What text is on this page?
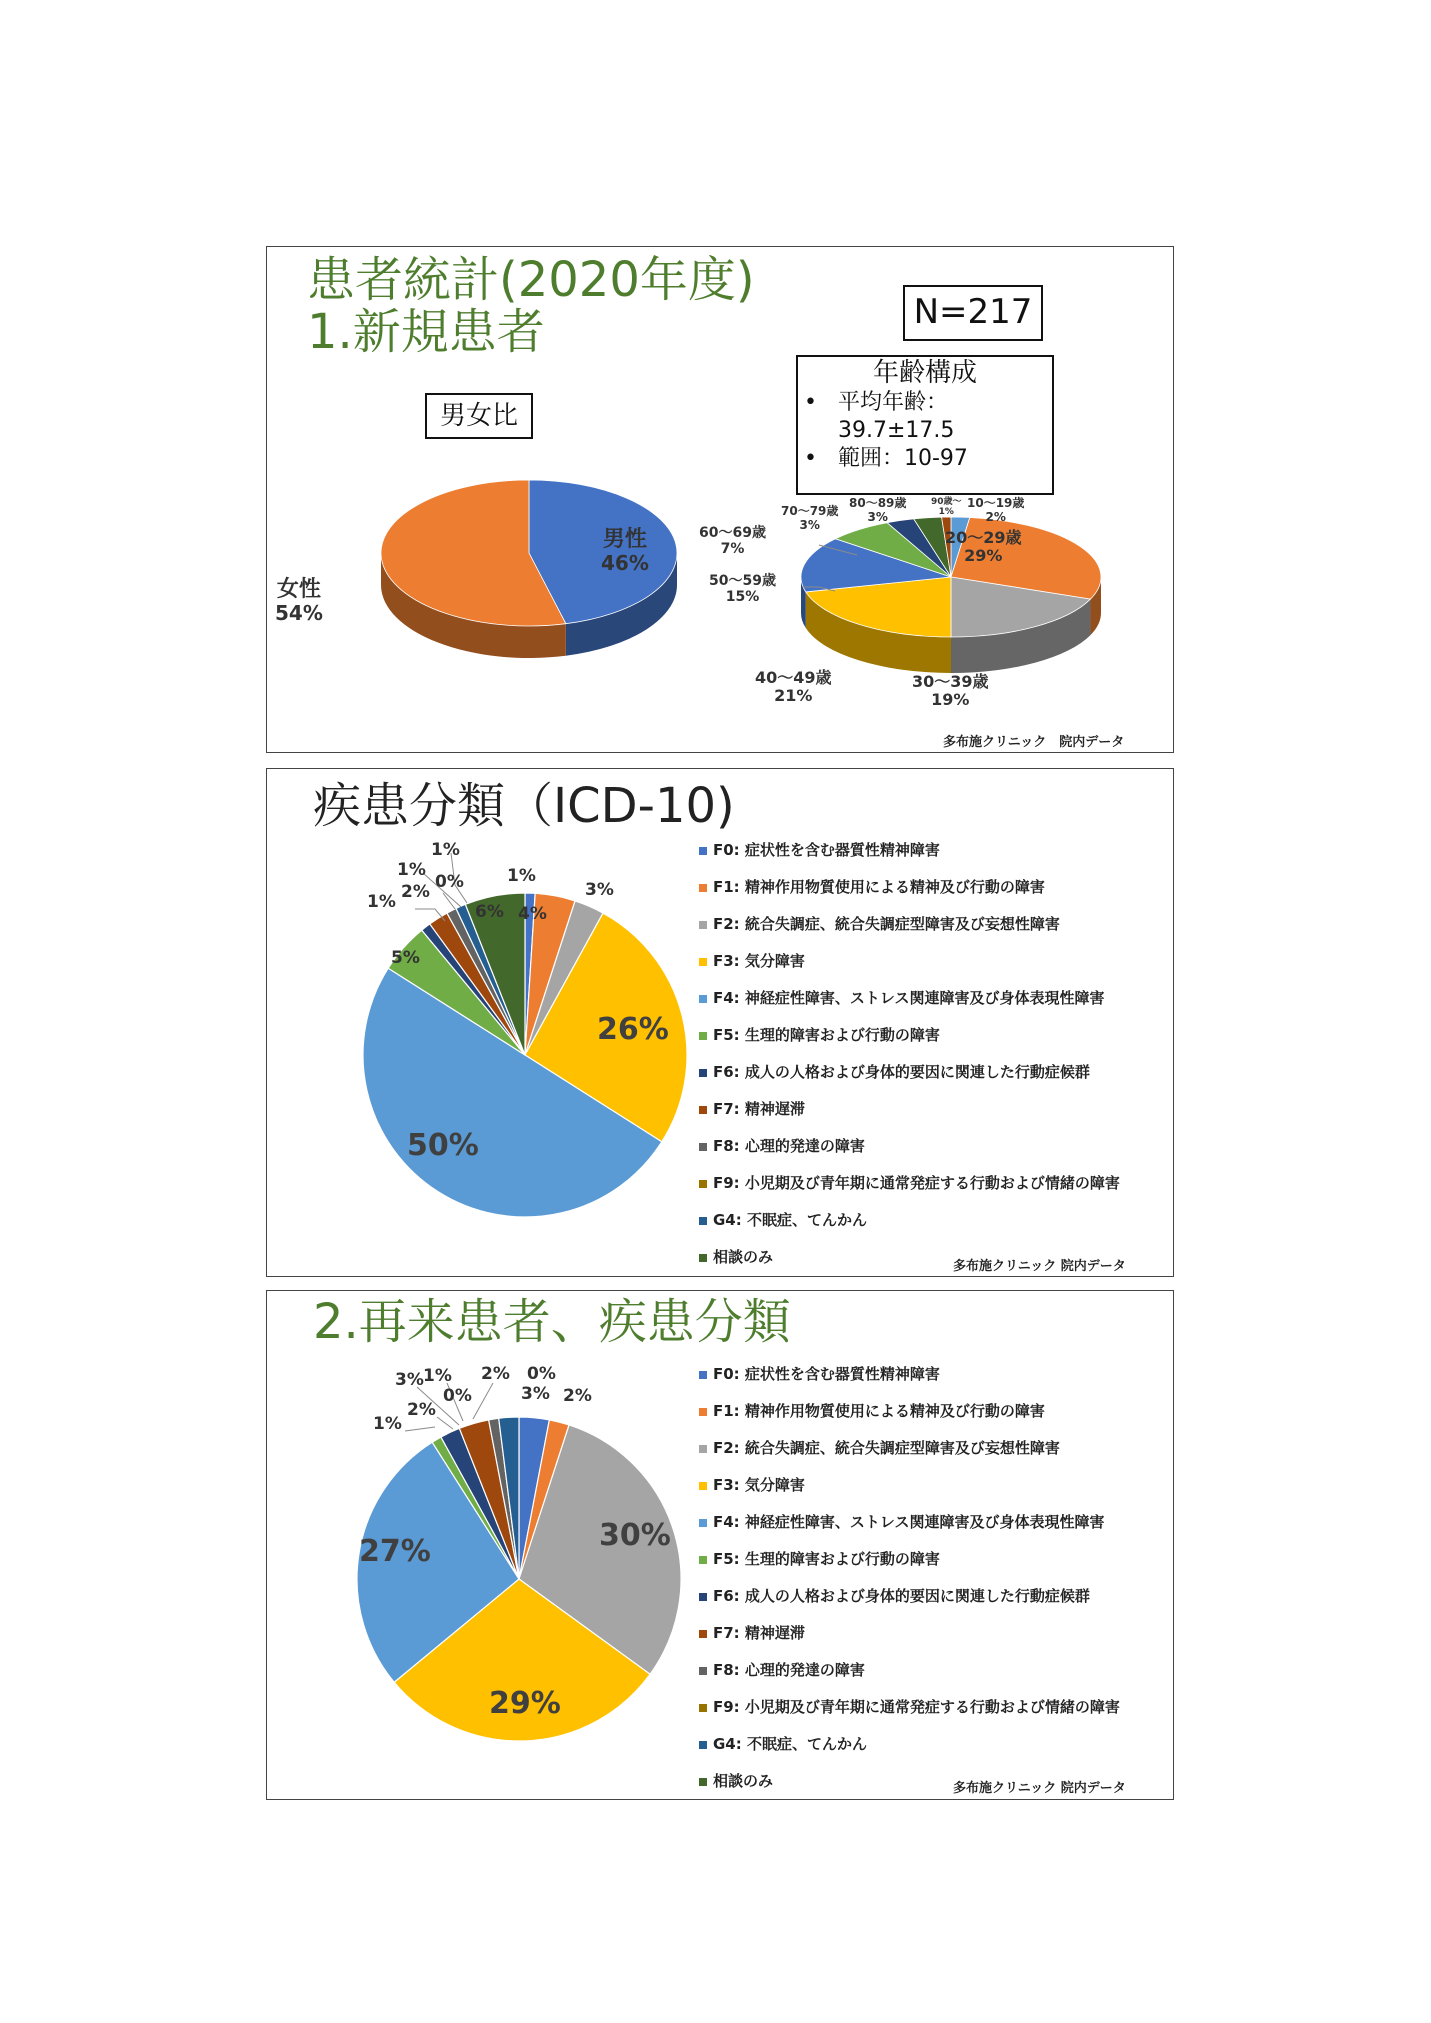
患者統計(2020年度)
1.新規患者	N=217
男女比
年齢構成
• 平均年齢：
39.7±17.5
• 範囲：10-97
男性
46%
女性
54%
20〜29歳
29%
30〜39歳
19%
40〜49歳
21%
50〜59歳
15%
60〜69歳
7%
70〜79歳
3%
80〜89歳
3%
90歳〜
1%
10〜19歳
2%
多布施クリニック　院内データ
疾患分類（ICD-10)
26%
50%
5%
4%
3%
1%
6%
1% 2%
1%
1%
0%
F0: 症状性を含む器質性精神障害
F1: 精神作用物質使用による精神及び行動の障害
F2: 統合失調症、統合失調症型障害及び妄想性障害
F3: 気分障害
F4: 神経症性障害、ストレス関連障害及び身体表現性障害
F5: 生理的障害および行動の障害
F6: 成人の人格および身体的要因に関連した行動症候群
F7: 精神遅滞
F8: 心理的発達の障害
F9: 小児期及び青年期に通常発症する行動および情緒の障害
G4: 不眠症、てんかん
相談のみ
多布施クリニック 院内データ
2.再来患者、疾患分類
30%
29%
27%
3% 2%
1%
2%
3% 1%
0%
2% 0%	F0: 症状性を含む器質性精神障害
F1: 精神作用物質使用による精神及び行動の障害
F2: 統合失調症、統合失調症型障害及び妄想性障害
F3: 気分障害
F4: 神経症性障害、ストレス関連障害及び身体表現性障害
F5: 生理的障害および行動の障害
F6: 成人の人格および身体的要因に関連した行動症候群
F7: 精神遅滞
F8: 心理的発達の障害
F9: 小児期及び青年期に通常発症する行動および情緒の障害
G4: 不眠症、てんかん
相談のみ	多布施クリニック 院内データ
